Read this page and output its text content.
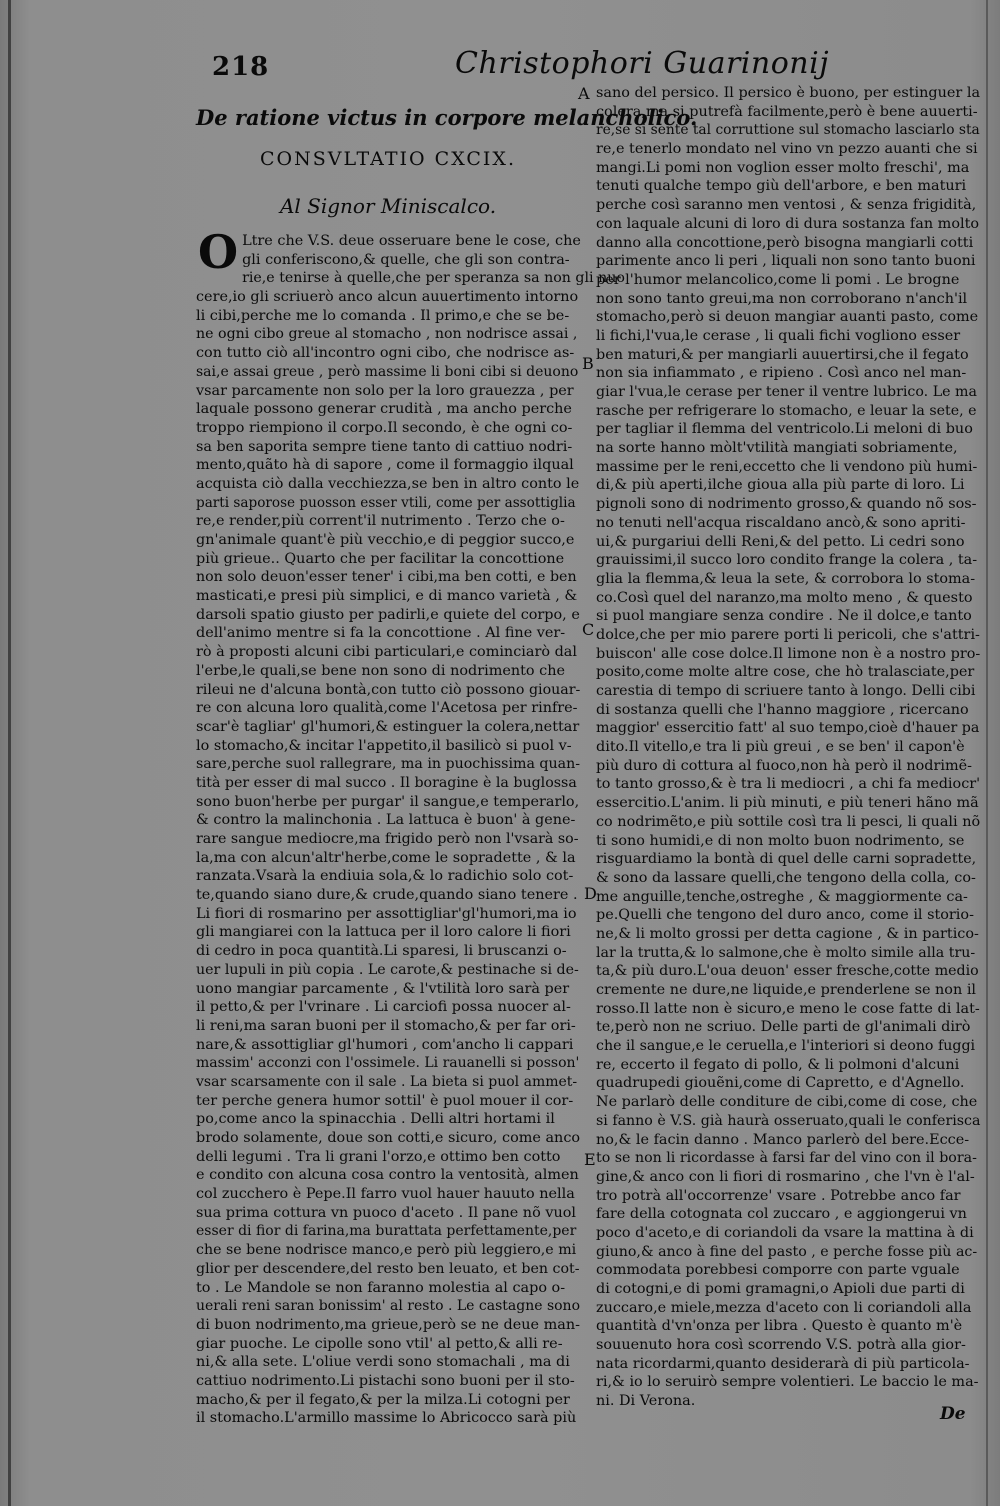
218	Christophori Guarinonij
De ratione victus in corpore melancholico.
CONSVLTATIO CXCIX.
Al Signor Miniscalco.
O Ltre che V.S. deue osseruare bene le cose, che
gli conferiscono,& quelle, che gli son contra-
rie,e tenirse à quelle,che per speranza sa non gli nuo
cere,io gli scriuerò anco alcun auuertimento intorno
li cibi,perche me lo comanda . Il primo,e che se be-
ne ogni cibo greue al stomacho , non nodrisce assai ,
con tutto ciò all'incontro ogni cibo, che nodrisce as-
sai,e assai greue , però massime li boni cibi si deuono
vsar parcamente non solo per la loro grauezza , per
laquale possono generar crudità , ma ancho perche
troppo riempiono il corpo.Il secondo, è che ogni co-
sa ben saporita sempre tiene tanto di cattiuo nodri-
mento,quãto hà di sapore , come il formaggio ilqual
acquista ciò dalla vecchiezza,se ben in altro conto le
parti saporose puosson esser vtili, come per assottiglia
re,e render,più corrent'il nutrimento . Terzo che o-
gn'animale quant'è più vecchio,e di peggior succo,e
più grieue.. Quarto che per facilitar la concottione
non solo deuon'esser tener' i cibi,ma ben cotti, e ben
masticati,e presi più simplici, e di manco varietà , &
darsoli spatio giusto per padirli,e quiete del corpo, e
dell'animo mentre si fa la concottione . Al fine ver-
rò à proposti alcuni cibi particulari,e cominciarò dal
l'erbe,le quali,se bene non sono di nodrimento che
rileui ne d'alcuna bontà,con tutto ciò possono giouar-
re con alcuna loro qualità,come l'Acetosa per rinfre-
scar'è tagliar' gl'humori,& estinguer la colera,nettar
lo stomacho,& incitar l'appetito,il basilicò si puol v-
sare,perche suol rallegrare, ma in puochissima quan-
tità per esser di mal succo . Il boragine è la buglossa
sono buon'herbe per purgar' il sangue,e temperarlo,
& contro la malinchonia . La lattuca è buon' à gene-
rare sangue mediocre,ma frigido però non l'vsarà so-
la,ma con alcun'altr'herbe,come le sopradette , & la
ranzata.Vsarà la endiuia sola,& lo radichio solo cot-
te,quando siano dure,& crude,quando siano tenere .
Li fiori di rosmarino per assottigliar'gl'humori,ma io
gli mangiarei con la lattuca per il loro calore li fiori
di cedro in poca quantità.Li sparesi, li bruscanzi o-
uer lupuli in più copia . Le carote,& pestinache si de-
uono mangiar parcamente , & l'vtilità loro sarà per
il petto,& per l'vrinare . Li carciofi possa nuocer al-
li reni,ma saran buoni per il stomacho,& per far ori-
nare,& assottigliar gl'humori , com'ancho li cappari
massim' acconzi con l'ossimele. Li rauanelli si posson'
vsar scarsamente con il sale . La bieta si puol ammet-
ter perche genera humor sottil' è puol mouer il cor-
po,come anco la spinacchia . Delli altri hortami il
brodo solamente, doue son cotti,e sicuro, come anco
delli legumi . Tra li grani l'orzo,e ottimo ben cotto
e condito con alcuna cosa contro la ventosità, almen
col zucchero è Pepe.Il farro vuol hauer hauuto nella
sua prima cottura vn puoco d'aceto . Il pane nõ vuol
esser di fior di farina,ma burattata perfettamente,per
che se bene nodrisce manco,e però più leggiero,e mi
glior per descendere,del resto ben leuato, et ben cot-
to . Le Mandole se non faranno molestia al capo o-
uerali reni saran bonissim' al resto . Le castagne sono
di buon nodrimento,ma grieue,però se ne deue man-
giar puoche. Le cipolle sono vtil' al petto,& alli re-
ni,& alla sete. L'oliue verdi sono stomachali , ma di
cattiuo nodrimento.Li pistachi sono buoni per il sto-
macho,& per il fegato,& per la milza.Li cotogni per
il stomacho.L'armillo massime lo Abricocco sarà più
sano del persico. Il persico è buono, per estinguer la
colera,ma si putrefà facilmente,però è bene auuerti-
re,se si sente tal corruttione sul stomacho lasciarlo sta
re,e tenerlo mondato nel vino vn pezzo auanti che si
mangi.Li pomi non voglion esser molto freschi', ma
tenuti qualche tempo giù dell'arbore, e ben maturi
perche così saranno men ventosi , & senza frigidità,
con laquale alcuni di loro di dura sostanza fan molto
danno alla concottione,però bisogna mangiarli cotti
parimente anco li peri , liquali non sono tanto buoni
per l'humor melancolico,come li pomi . Le brogne
non sono tanto greui,ma non corroborano n'anch'il
stomacho,però si deuon mangiar auanti pasto, come
li fichi,l'vua,le cerase , li quali fichi vogliono esser
ben maturi,& per mangiarli auuertirsi,che il fegato
non sia infiammato , e ripieno . Così anco nel man-
giar l'vua,le cerase per tener il ventre lubrico. Le ma
rasche per refrigerare lo stomacho, e leuar la sete, e
per tagliar il flemma del ventricolo.Li meloni di buo
na sorte hanno mòlt'vtilità mangiati sobriamente,
massime per le reni,eccetto che li vendono più humi-
di,& più aperti,ilche gioua alla più parte di loro. Li
pignoli sono di nodrimento grosso,& quando nõ sos-
no tenuti nell'acqua riscaldano ancò,& sono apriti-
ui,& purgariui delli Reni,& del petto. Li cedri sono
grauissimi,il succo loro condito frange la colera , ta-
glia la flemma,& leua la sete, & corrobora lo stoma-
co.Così quel del naranzo,ma molto meno , & questo
si puol mangiare senza condire . Ne il dolce,e tanto
dolce,che per mio parere porti li pericoli, che s'attri-
buiscon' alle cose dolce.Il limone non è a nostro pro-
posito,come molte altre cose, che hò tralasciate,per
carestia di tempo di scriuere tanto à longo. Delli cibi
di sostanza quelli che l'hanno maggiore , ricercano
maggior' essercitio fatt' al suo tempo,cioè d'hauer pa
dito.Il vitello,e tra li più greui , e se ben' il capon'è
più duro di cottura al fuoco,non hà però il nodrimẽ-
to tanto grosso,& è tra li mediocri , a chi fa mediocr'
essercitio.L'anim. li più minuti, e più teneri hãno mã
co nodrimẽto,e più sottile così tra li pesci, li quali nõ
ti sono humidi,e di non molto buon nodrimento, se
risguardiamo la bontà di quel delle carni sopradette,
& sono da lassare quelli,che tengono della colla, co-
me anguille,tenche,ostreghe , & maggiormente ca-
pe.Quelli che tengono del duro anco, come il storio-
ne,& li molto grossi per detta cagione , & in partico-
lar la trutta,& lo salmone,che è molto simile alla tru-
ta,& più duro.L'oua deuon' esser fresche,cotte medio
cremente ne dure,ne liquide,e prenderlene se non il
rosso.Il latte non è sicuro,e meno le cose fatte di lat-
te,però non ne scriuo. Delle parti de gl'animali dirò
che il sangue,e le ceruella,e l'interiori si deono fuggi
re, eccerto il fegato di pollo, & li polmoni d'alcuni
quadrupedi giouẽni,come di Capretto, e d'Agnello.
Ne parlarò delle conditure de cibi,come di cose, che
si fanno è V.S. già haurà osseruato,quali le conferisca
no,& le facin danno . Manco parlerò del bere.Ecce-
to se non li ricordasse à farsi far del vino con il bora-
gine,& anco con li fiori di rosmarino , che l'vn è l'al-
tro potrà all'occorrenze' vsare . Potrebbe anco far
fare della cotognata col zuccaro , e aggiongerui vn
poco d'aceto,e di coriandoli da vsare la mattina à di
giuno,& anco à fine del pasto , e perche fosse più ac-
commodata porebbesi comporre con parte vguale
di cotogni,e di pomi gramagni,o Apioli due parti di
zuccaro,e miele,mezza d'aceto con li coriandoli alla
quantità d'vn'onza per libra . Questo è quanto m'è
souuenuto hora così scorrendo V.S. potrà alla gior-
nata ricordarmi,quanto desiderarà di più particola-
ri,& io lo seruirò sempre volentieri. Le baccio le ma-
ni. Di Verona.
A
B
C
D
E
De
